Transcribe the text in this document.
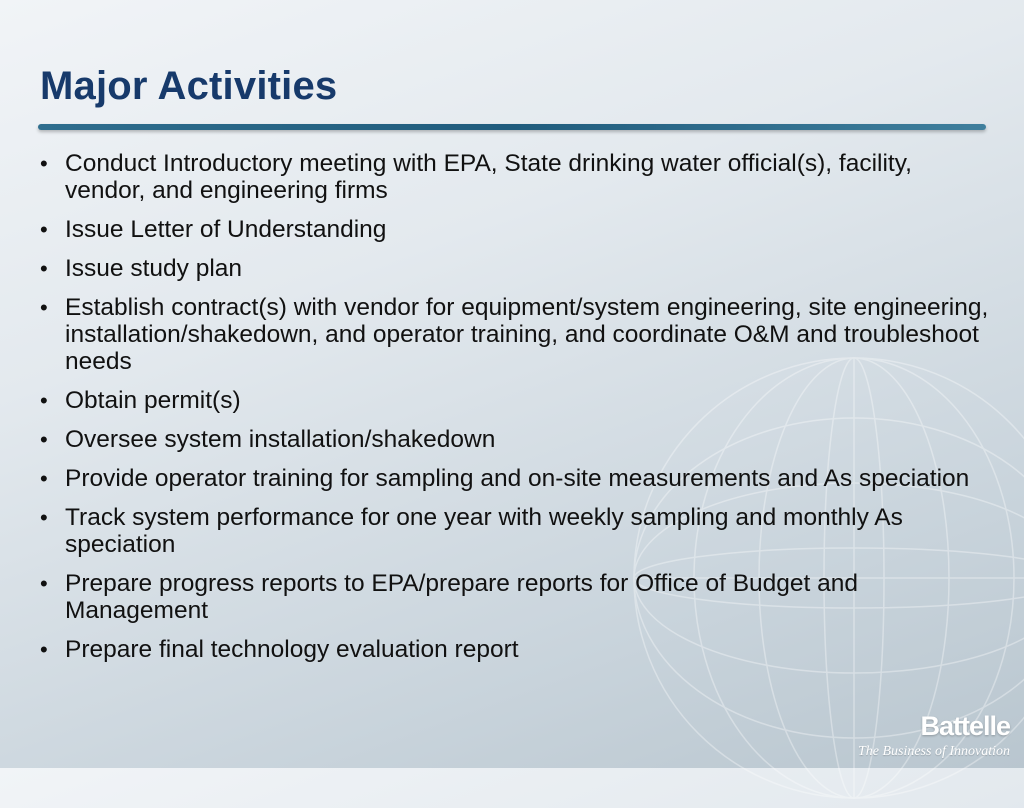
Major Activities
• Conduct Introductory meeting with EPA, State drinking water official(s), facility, vendor, and engineering firms
• Issue Letter of Understanding
• Issue study plan
• Establish contract(s) with vendor for equipment/system engineering, site engineering, installation/shakedown, and operator training, and coordinate O&M and troubleshoot needs
• Obtain permit(s)
• Oversee system installation/shakedown
• Provide operator training for sampling and on-site measurements and As speciation
• Track system performance for one year with weekly sampling and monthly As speciation
• Prepare progress reports to EPA/prepare reports for Office of Budget and Management
• Prepare final technology evaluation report
Battelle
The Business of Innovation
